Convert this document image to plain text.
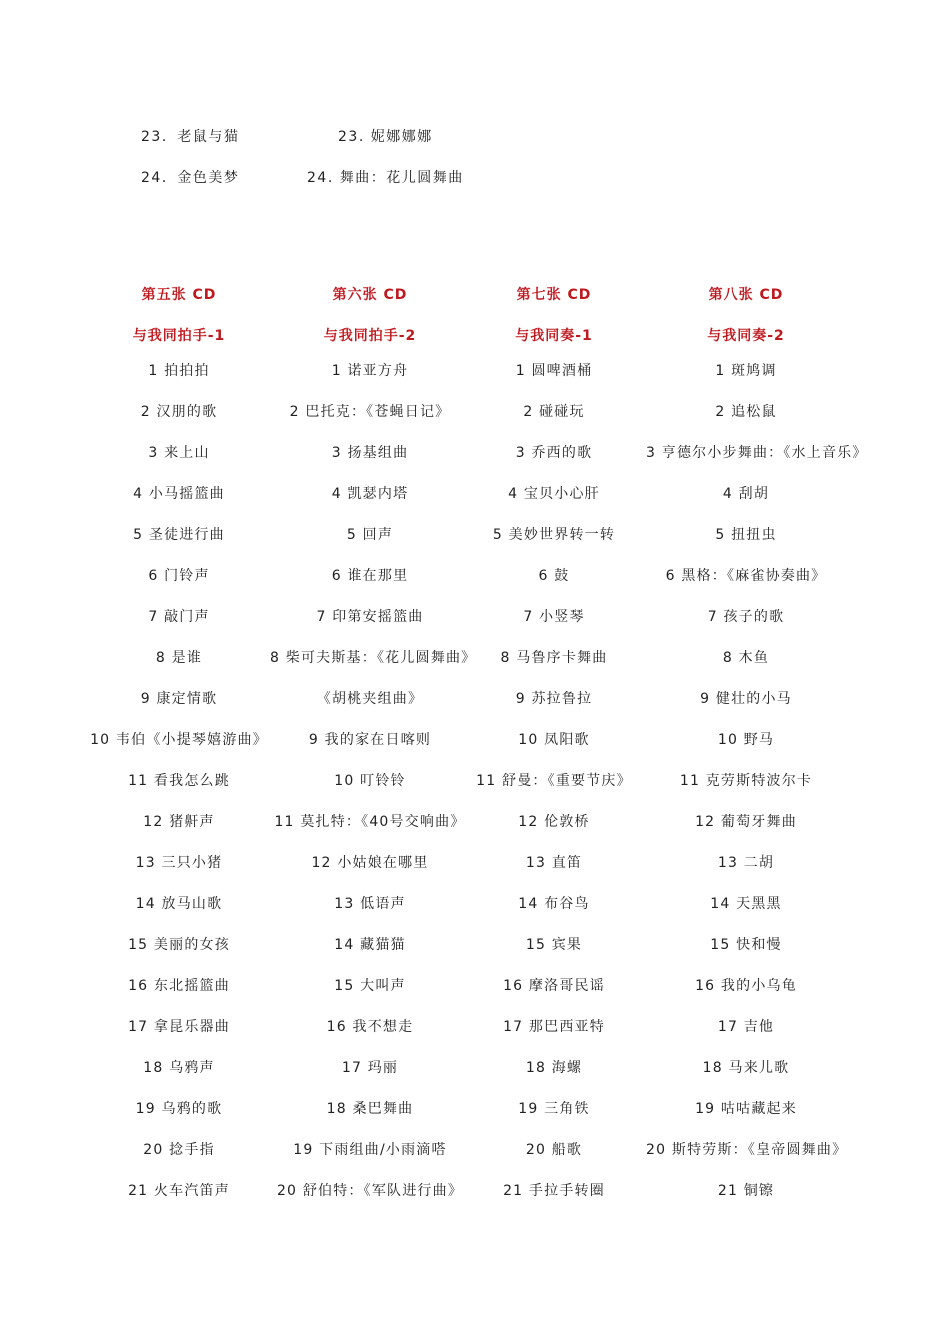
23．老鼠与猫	23. 妮娜娜娜
24．金色美梦	24. 舞曲：花儿圆舞曲
第五张 CD
与我同拍手-1
1 拍拍拍
2 汉朋的歌
3 来上山
4 小马摇篮曲
5 圣徒进行曲
6 门铃声
7 敲门声
8 是谁
9 康定情歌
10 韦伯《小提琴嬉游曲》
11 看我怎么跳
12 猪鼾声
13 三只小猪
14 放马山歌
15 美丽的女孩
16 东北摇篮曲
17 拿昆乐器曲
18 乌鸦声
19 乌鸦的歌
20 捻手指
21 火车汽笛声
第六张 CD
与我同拍手-2
1 诺亚方舟
2 巴托克：《苍蝇日记》
3 扬基组曲
4 凯瑟内塔
5 回声
6 谁在那里
7 印第安摇篮曲
8 柴可夫斯基：《花儿圆舞曲》
《胡桃夹组曲》
9 我的家在日喀则
10 叮铃铃
11 莫扎特：《40号交响曲》
12 小姑娘在哪里
13 低语声
14 藏猫猫
15 大叫声
16 我不想走
17 玛丽
18 桑巴舞曲
19 下雨组曲/小雨滴嗒
20 舒伯特：《军队进行曲》
第七张 CD
与我同奏-1
1 圆啤酒桶
2 碰碰玩
3 乔西的歌
4 宝贝小心肝
5 美妙世界转一转
6 鼓
7 小竖琴
8 马鲁序卡舞曲
9 苏拉鲁拉
10 凤阳歌
11 舒曼：《重要节庆》
12 伦敦桥
13 直笛
14 布谷鸟
15 宾果
16 摩洛哥民谣
17 那巴西亚特
18 海螺
19 三角铁
20 船歌
21 手拉手转圈
第八张 CD
与我同奏-2
1 斑鸠调
2 追松鼠
3 亨德尔小步舞曲：《水上音乐》
4 刮胡
5 扭扭虫
6 黑格：《麻雀协奏曲》
7 孩子的歌
8 木鱼
9 健壮的小马
10 野马
11 克劳斯特波尔卡
12 葡萄牙舞曲
13 二胡
14 天黑黑
15 快和慢
16 我的小乌龟
17 吉他
18 马来儿歌
19 咕咕藏起来
20 斯特劳斯：《皇帝圆舞曲》
21 铜镲
